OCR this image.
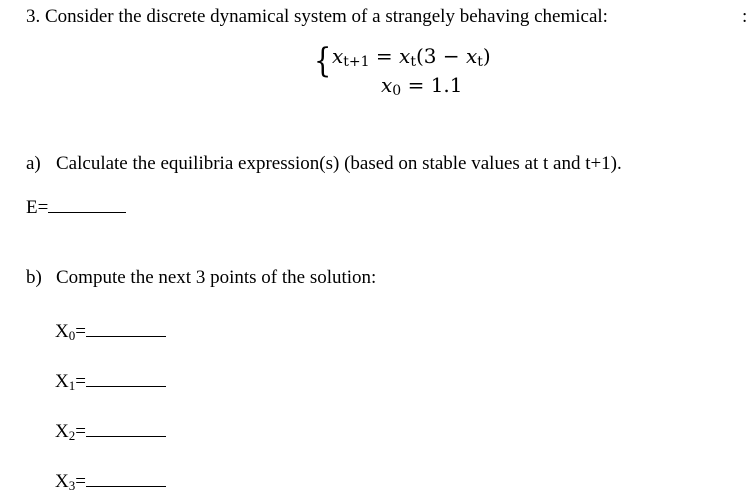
3. Consider the discrete dynamical system of a strangely behaving chemical:	:
{ $x_{t+1} = x_t(3 - x_t)$
$x_0 = 1.1$
a) Calculate the equilibria expression(s) (based on stable values at t and t+1).
E=
b) Compute the next 3 points of the solution:
$X_0=$
$X_1=$
$X_2=$
$X_3=$
